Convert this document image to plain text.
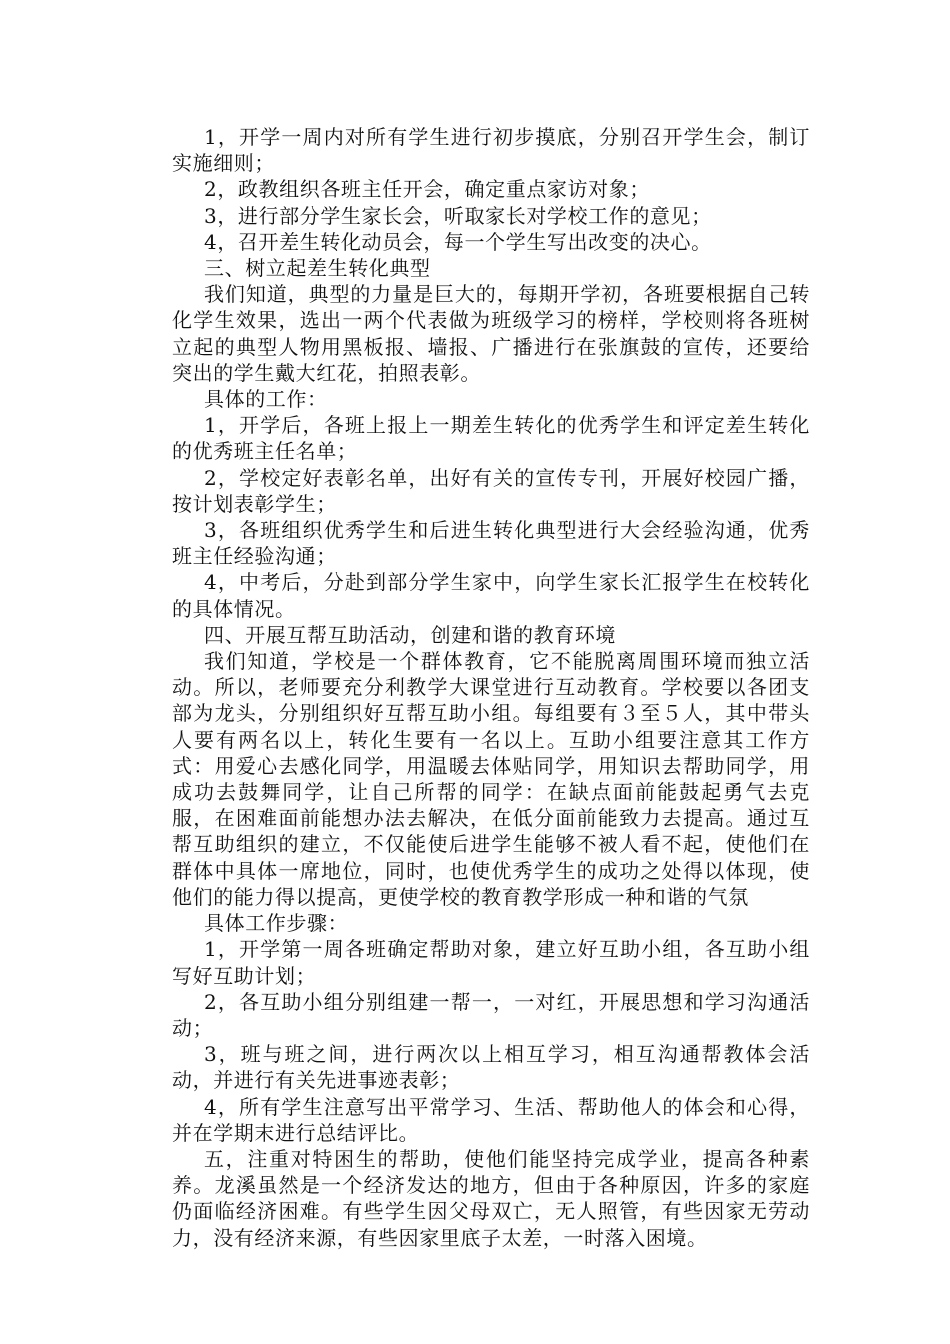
1，开学一周内对所有学生进行初步摸底，分别召开学生会，制订实施细则；

2，政教组织各班主任开会，确定重点家访对象；

3，进行部分学生家长会，听取家长对学校工作的意见；

4，召开差生转化动员会，每一个学生写出改变的决心。

三、树立起差生转化典型

我们知道，典型的力量是巨大的，每期开学初，各班要根据自己转化学生效果，选出一两个代表做为班级学习的榜样，学校则将各班树立起的典型人物用黑板报、墙报、广播进行在张旗鼓的宣传，还要给突出的学生戴大红花，拍照表彰。

具体的工作：

1，开学后，各班上报上一期差生转化的优秀学生和评定差生转化的优秀班主任名单；

2，学校定好表彰名单，出好有关的宣传专刊，开展好校园广播，按计划表彰学生；

3，各班组织优秀学生和后进生转化典型进行大会经验沟通，优秀班主任经验沟通；

4，中考后，分赴到部分学生家中，向学生家长汇报学生在校转化的具体情况。

四、开展互帮互助活动，创建和谐的教育环境

我们知道，学校是一个群体教育，它不能脱离周围环境而独立活动。所以，老师要充分利教学大课堂进行互动教育。学校要以各团支部为龙头，分别组织好互帮互助小组。每组要有３至５人，其中带头人要有两名以上，转化生要有一名以上。互助小组要注意其工作方式：用爱心去感化同学，用温暖去体贴同学，用知识去帮助同学，用成功去鼓舞同学，让自己所帮的同学：在缺点面前能鼓起勇气去克服，在困难面前能想办法去解决，在低分面前能致力去提高。通过互帮互助组织的建立，不仅能使后进学生能够不被人看不起，使他们在群体中具体一席地位，同时，也使优秀学生的成功之处得以体现，使他们的能力得以提高，更使学校的教育教学形成一种和谐的气氛

具体工作步骤：

1，开学第一周各班确定帮助对象，建立好互助小组，各互助小组写好互助计划；

2，各互助小组分别组建一帮一，一对红，开展思想和学习沟通活动；

3，班与班之间，进行两次以上相互学习，相互沟通帮教体会活动，并进行有关先进事迹表彰；

4，所有学生注意写出平常学习、生活、帮助他人的体会和心得，并在学期末进行总结评比。

五，注重对特困生的帮助，使他们能坚持完成学业，提高各种素养。龙溪虽然是一个经济发达的地方，但由于各种原因，许多的家庭仍面临经济困难。有些学生因父母双亡，无人照管，有些因家无劳动力，没有经济来源，有些因家里底子太差，一时落入困境。
